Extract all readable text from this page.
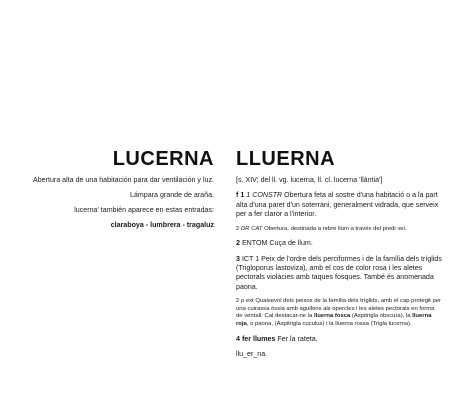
LUCERNA
Abertura alta de una habitación para dar ventilación y luz.
Lámpara grande de araña.
lucerna' también aparece en estas entradas:
claraboya - lumbrera - tragaluz
LLUERNA
[s. XIV; del ll. vg. lucerna, ll. cl. lucerna 'llàntia']
f 1 1 CONSTR Obertura feta al sostre d'una habitació o a la part alta d'una paret d'un soterrani, generalment vidrada, que serveix per a fer claror a l'interior.
2 DR CAT Obertura, destinada a rebre llum a través del predi veí.
2 ENTOM Cuça de llum.
3 ICT 1 Peix de l'ordre dels perciformes i de la família dels tríglids (Trigloporus lastoviza), amb el cos de color rosa i les aletes pectorals violàcies amb taques fosques. També és anomenada paona.
2 p ext Qualsevol dels peixos de la família dels tríglids, amb el cap protegit per una cuirassa òssia amb agullons als opercles i les aletes pectorals en forma de ventall. Cal destacar-ne la lluerna fosca (Aspitrigla obscura), la lluerna roja, o paona, (Aspitrigla cuculus) i la lluerna rossa (Trigla lucerna).
4 fer llumes Fer la rateta.
llu_er_na.
